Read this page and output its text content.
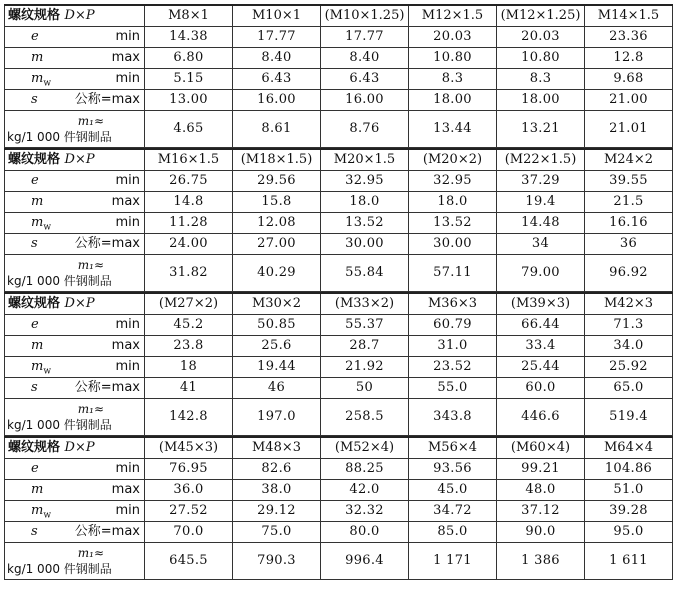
螺纹规格 D×P	M8×1	M10×1	(M10×1.25)	M12×1.5	(M12×1.25)	M14×1.5

e min	14.38	17.77	17.77	20.03	20.03	23.36

m max	6.80	8.40	8.40	10.80	10.80	12.8

$m_w$ min	5.15	6.43	6.43	8.3	8.3	9.68

s 公称=max	13.00	16.00	16.00	18.00	18.00	21.00

m₁≈
kg/1 000 件钢制品	4.65	8.61	8.76	13.44	13.21	21.01
螺纹规格 D×P	M16×1.5	(M18×1.5)	M20×1.5	(M20×2)	(M22×1.5)	M24×2

e min	26.75	29.56	32.95	32.95	37.29	39.55

m max	14.8	15.8	18.0	18.0	19.4	21.5

$m_w$ min	11.28	12.08	13.52	13.52	14.48	16.16

s 公称=max	24.00	27.00	30.00	30.00	34	36

m₁≈
kg/1 000 件钢制品	31.82	40.29	55.84	57.11	79.00	96.92
螺纹规格 D×P	(M27×2)	M30×2	(M33×2)	M36×3	(M39×3)	M42×3

e min	45.2	50.85	55.37	60.79	66.44	71.3

m max	23.8	25.6	28.7	31.0	33.4	34.0

$m_w$ min	18	19.44	21.92	23.52	25.44	25.92

s 公称=max	41	46	50	55.0	60.0	65.0

m₁≈
kg/1 000 件钢制品	142.8	197.0	258.5	343.8	446.6	519.4
螺纹规格 D×P	(M45×3)	M48×3	(M52×4)	M56×4	(M60×4)	M64×4

e min	76.95	82.6	88.25	93.56	99.21	104.86

m max	36.0	38.0	42.0	45.0	48.0	51.0

$m_w$ min	27.52	29.12	32.32	34.72	37.12	39.28

s 公称=max	70.0	75.0	80.0	85.0	90.0	95.0

m₁≈
kg/1 000 件钢制品	645.5	790.3	996.4	1 171	1 386	1 611
